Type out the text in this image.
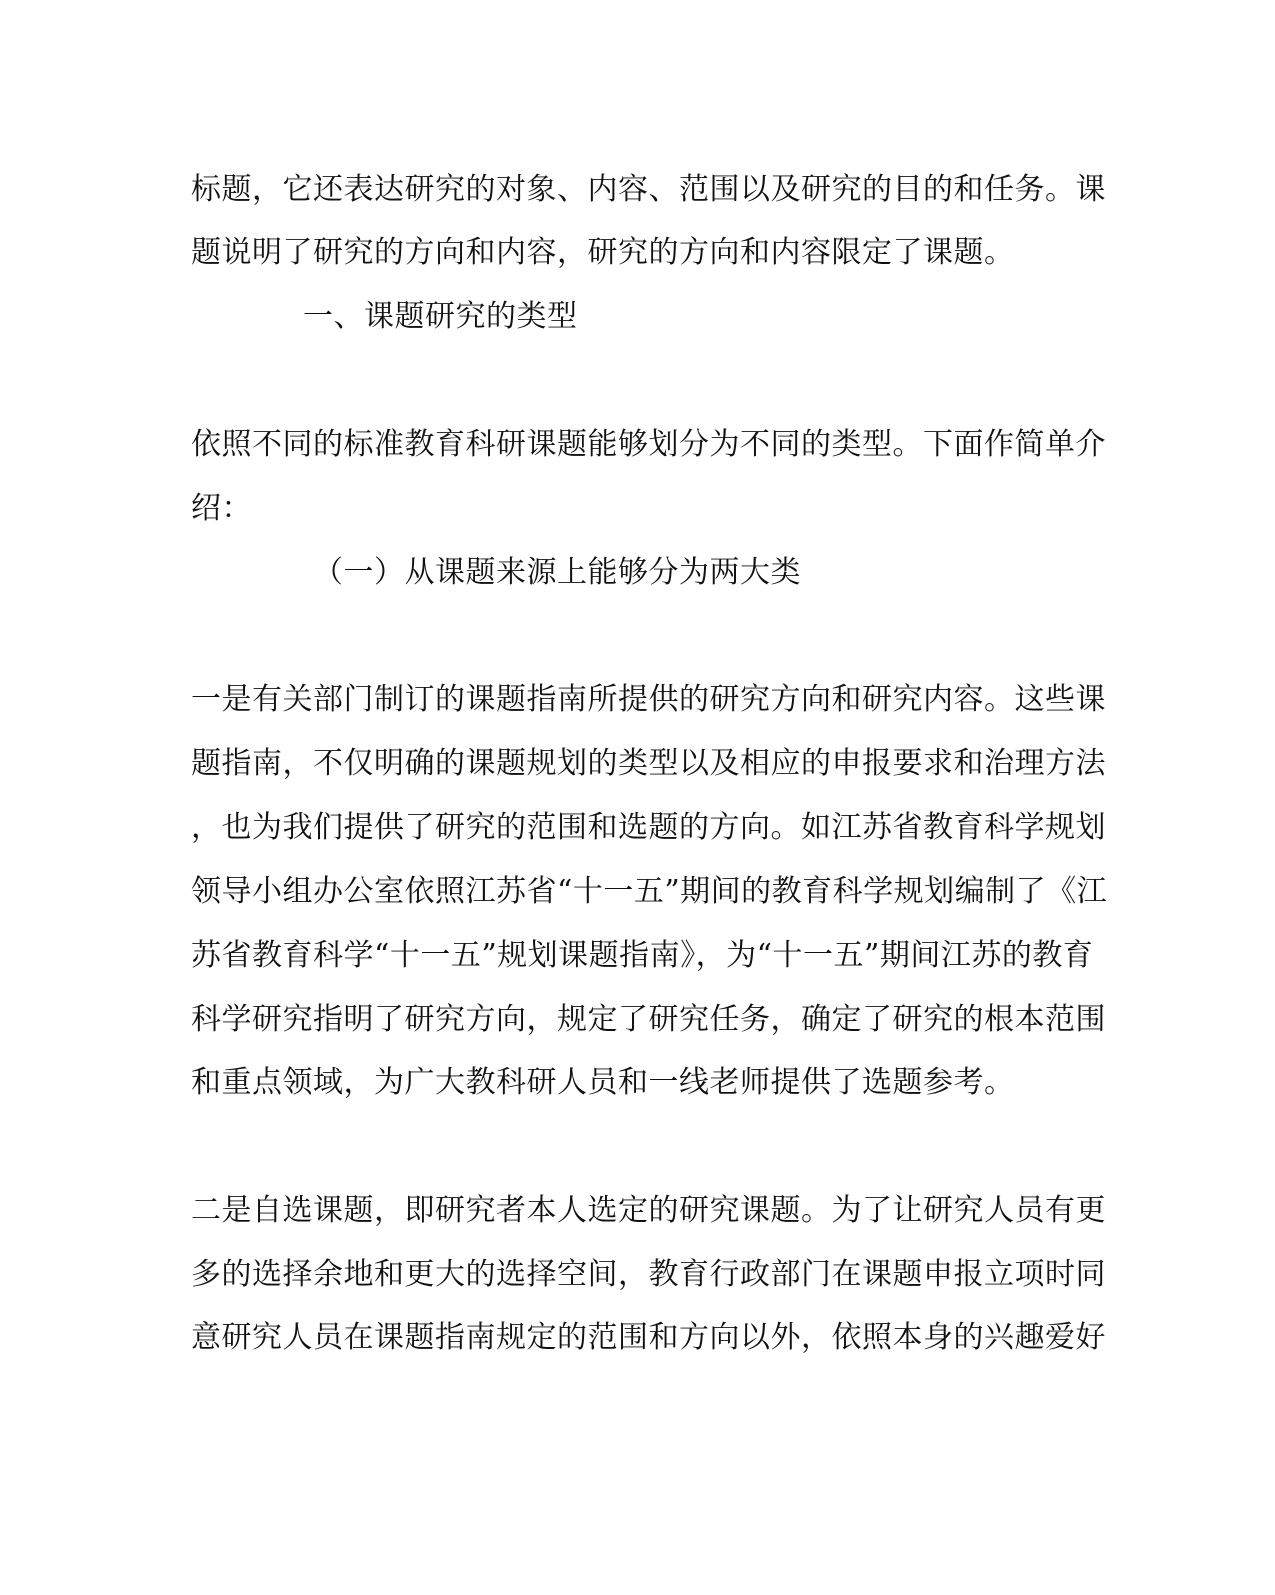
标题，它还表达研究的对象、内容、范围以及研究的目的和任务。课
题说明了研究的方向和内容，研究的方向和内容限定了课题。
一、课题研究的类型
依照不同的标准教育科研课题能够划分为不同的类型。下面作简单介
绍：
（一）从课题来源上能够分为两大类
一是有关部门制订的课题指南所提供的研究方向和研究内容。这些课
题指南，不仅明确的课题规划的类型以及相应的申报要求和治理方法
，也为我们提供了研究的范围和选题的方向。如江苏省教育科学规划
领导小组办公室依照江苏省“十一五”期间的教育科学规划编制了《江
苏省教育科学“十一五”规划课题指南》，为“十一五”期间江苏的教育
科学研究指明了研究方向，规定了研究任务，确定了研究的根本范围
和重点领域，为广大教科研人员和一线老师提供了选题参考。
二是自选课题，即研究者本人选定的研究课题。为了让研究人员有更
多的选择余地和更大的选择空间，教育行政部门在课题申报立项时同
意研究人员在课题指南规定的范围和方向以外，依照本身的兴趣爱好
